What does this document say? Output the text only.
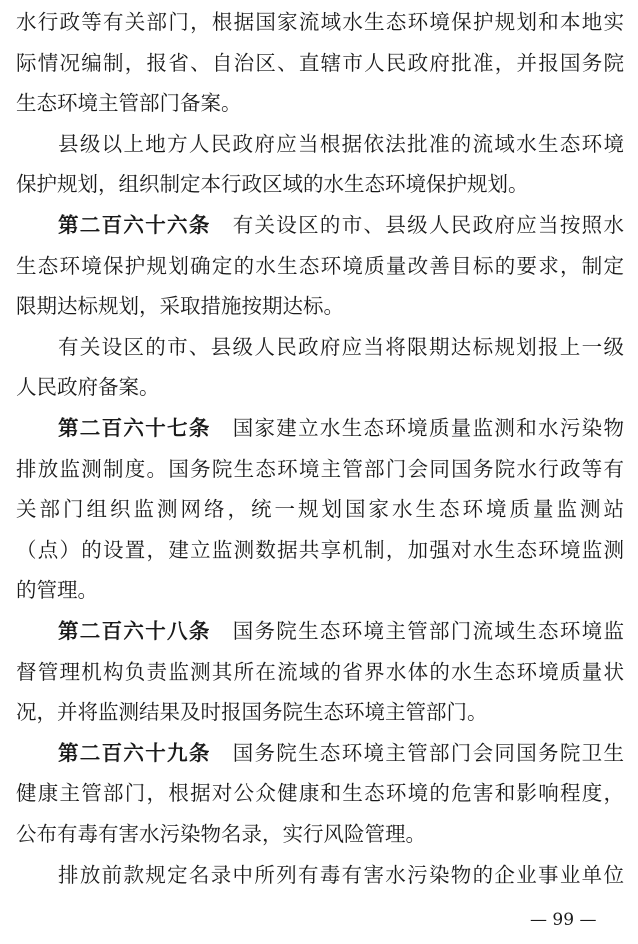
水行政等有关部门，根据国家流域水生态环境保护规划和本地实
际情况编制，报省、自治区、直辖市人民政府批准，并报国务院
生态环境主管部门备案。
县级以上地方人民政府应当根据依法批准的流域水生态环境
保护规划，组织制定本行政区域的水生态环境保护规划。
第二百六十六条 有关设区的市、县级人民政府应当按照水
生态环境保护规划确定的水生态环境质量改善目标的要求，制定
限期达标规划，采取措施按期达标。
有关设区的市、县级人民政府应当将限期达标规划报上一级
人民政府备案。
第二百六十七条 国家建立水生态环境质量监测和水污染物
排放监测制度。国务院生态环境主管部门会同国务院水行政等有
关部门组织监测网络，统一规划国家水生态环境质量监测站
（点）的设置，建立监测数据共享机制，加强对水生态环境监测
的管理。
第二百六十八条 国务院生态环境主管部门流域生态环境监
督管理机构负责监测其所在流域的省界水体的水生态环境质量状
况，并将监测结果及时报国务院生态环境主管部门。
第二百六十九条 国务院生态环境主管部门会同国务院卫生
健康主管部门，根据对公众健康和生态环境的危害和影响程度，
公布有毒有害水污染物名录，实行风险管理。
排放前款规定名录中所列有毒有害水污染物的企业事业单位
— 99 —
